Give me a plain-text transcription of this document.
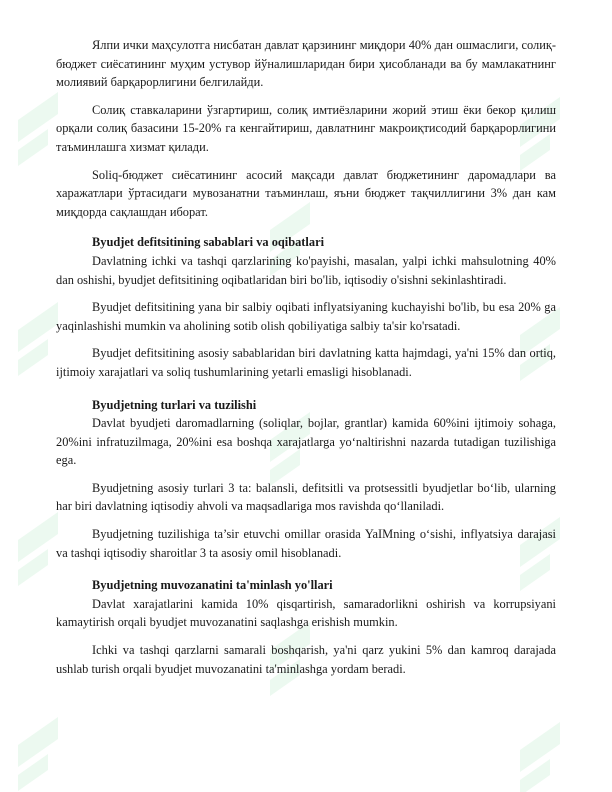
Ялпи ички маҳсулотга нисбатан давлат қарзининг миқдори 40% дан ошмаслиги, солиқ-бюджет сиёсатининг муҳим устувор йўналишларидан бири ҳисобланади ва бу мамлакатнинг молиявий барқарорлигини белгилайди.

Солиқ ставкаларини ўзгартириш, солиқ имтиёзларини жорий этиш ёки бекор қилиш орқали солиқ базасини 15-20% га кенгайтириш, давлатнинг макроиқтисодий барқарорлигини таъминлашга хизмат қилади.

Soliq-бюджет сиёсатининг асосий мақсади давлат бюджетининг даромадлари ва харажатлари ўртасидаги мувозанатни таъминлаш, яъни бюджет тақчиллигини 3% дан кам миқдорда сақлашдан иборат.

Byudjet defitsitining sabablari va oqibatlari

Davlatning ichki va tashqi qarzlarining ko'payishi, masalan, yalpi ichki mahsulotning 40% dan oshishi, byudjet defitsitining oqibatlaridan biri bo'lib, iqtisodiy o'sishni sekinlashtiradi.

Byudjet defitsitining yana bir salbiy oqibati inflyatsiyaning kuchayishi bo'lib, bu esa 20% ga yaqinlashishi mumkin va aholining sotib olish qobiliyatiga salbiy ta'sir ko'rsatadi.

Byudjet defitsitining asosiy sabablaridan biri davlatning katta hajmdagi, ya'ni 15% dan ortiq, ijtimoiy xarajatlari va soliq tushumlarining yetarli emasligi hisoblanadi.

Byudjetning turlari va tuzilishi

Davlat byudjeti daromadlarning (soliqlar, bojlar, grantlar) kamida 60%ini ijtimoiy sohaga, 20%ini infratuzilmaga, 20%ini esa boshqa xarajatlarga yo‘naltirishni nazarda tutadigan tuzilishiga ega.

Byudjetning asosiy turlari 3 ta: balansli, defitsitli va protsessitli byudjetlar bo‘lib, ularning har biri davlatning iqtisodiy ahvoli va maqsadlariga mos ravishda qo‘llaniladi.

Byudjetning tuzilishiga ta’sir etuvchi omillar orasida YaIMning o‘sishi, inflyatsiya darajasi va tashqi iqtisodiy sharoitlar 3 ta asosiy omil hisoblanadi.

Byudjetning muvozanatini ta'minlash yo'llari

Davlat xarajatlarini kamida 10% qisqartirish, samaradorlikni oshirish va korrupsiyani kamaytirish orqali byudjet muvozanatini saqlashga erishish mumkin.

Ichki va tashqi qarzlarni samarali boshqarish, ya'ni qarz yukini 5% dan kamroq darajada ushlab turish orqali byudjet muvozanatini ta'minlashga yordam beradi.
